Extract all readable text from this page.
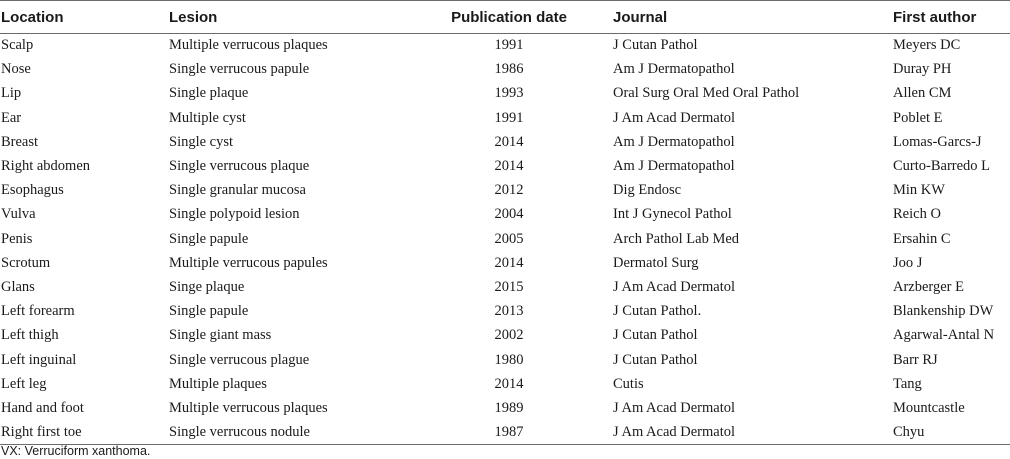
Location	Lesion	Publication date	Journal	First author
Scalp	Multiple verrucous plaques	1991	J Cutan Pathol	Meyers DC
Nose	Single verrucous papule	1986	Am J Dermatopathol	Duray PH
Lip	Single plaque	1993	Oral Surg Oral Med Oral Pathol	Allen CM
Ear	Multiple cyst	1991	J Am Acad Dermatol	Poblet E
Breast	Single cyst	2014	Am J Dermatopathol	Lomas-Garcs-J
Right abdomen	Single verrucous plaque	2014	Am J Dermatopathol	Curto-Barredo L
Esophagus	Single granular mucosa	2012	Dig Endosc	Min KW
Vulva	Single polypoid lesion	2004	Int J Gynecol Pathol	Reich O
Penis	Single papule	2005	Arch Pathol Lab Med	Ersahin C
Scrotum	Multiple verrucous papules	2014	Dermatol Surg	Joo J
Glans	Singe plaque	2015	J Am Acad Dermatol	Arzberger E
Left forearm	Single papule	2013	J Cutan Pathol.	Blankenship DW
Left thigh	Single giant mass	2002	J Cutan Pathol	Agarwal-Antal N
Left inguinal	Single verrucous plague	1980	J Cutan Pathol	Barr RJ
Left leg	Multiple plaques	2014	Cutis	Tang
Hand and foot	Multiple verrucous plaques	1989	J Am Acad Dermatol	Mountcastle
Right first toe	Single verrucous nodule	1987	J Am Acad Dermatol	Chyu
VX: Verruciform xanthoma.
